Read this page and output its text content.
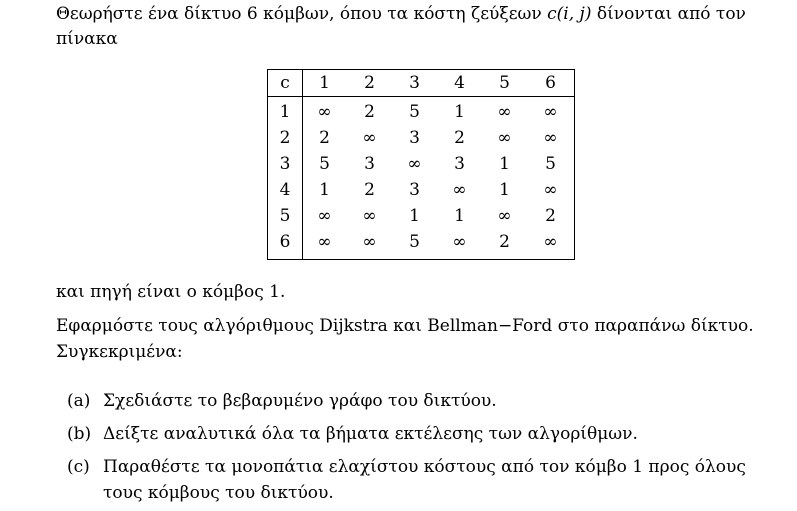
Θεωρήστε ένα δίκτυο 6 κόμβων, όπου τα κόστη ζεύξεων c(i, j) δίνονται από τον
πίνακα
c	1	2	3	4	5	6
1	∞	2	5	1	∞	∞
2	2	∞	3	2	∞	∞
3	5	3	∞	3	1	5
4	1	2	3	∞	1	∞
5	∞	∞	1	1	∞	2
6	∞	∞	5	∞	2	∞
και πηγή είναι ο κόμβος 1.
Εφαρμόστε τους αλγόριθμους Dijkstra και Bellman−Ford στο παραπάνω δίκτυο.
Συγκεκριμένα:
(a) Σχεδιάστε το βεβαρυμένο γράφο του δικτύου.
(b) Δείξτε αναλυτικά όλα τα βήματα εκτέλεσης των αλγορίθμων.
(c) Παραθέστε τα μονοπάτια ελαχίστου κόστους από τον κόμβο 1 προς όλους
τους κόμβους του δικτύου.
